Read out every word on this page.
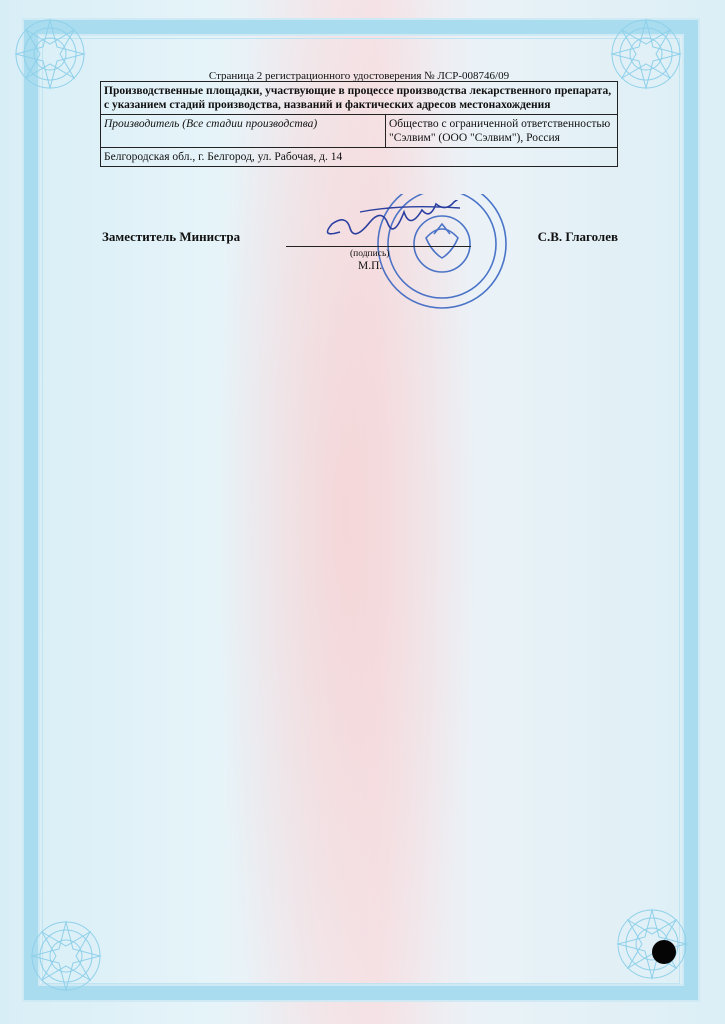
Страница 2 регистрационного удостоверения № ЛСР-008746/09
Производственные площадки, участвующие в процессе производства лекарственного препарата, с указанием стадий производства, названий и фактических адресов местонахождения
Производитель (Все стадии производства)	Общество с ограниченной ответственностью "Сэлвим" (ООО "Сэлвим"), Россия
Белгородская обл., г. Белгород, ул. Рабочая, д. 14
Заместитель Министра	С.В. Глаголев
(подпись)
М.П.
